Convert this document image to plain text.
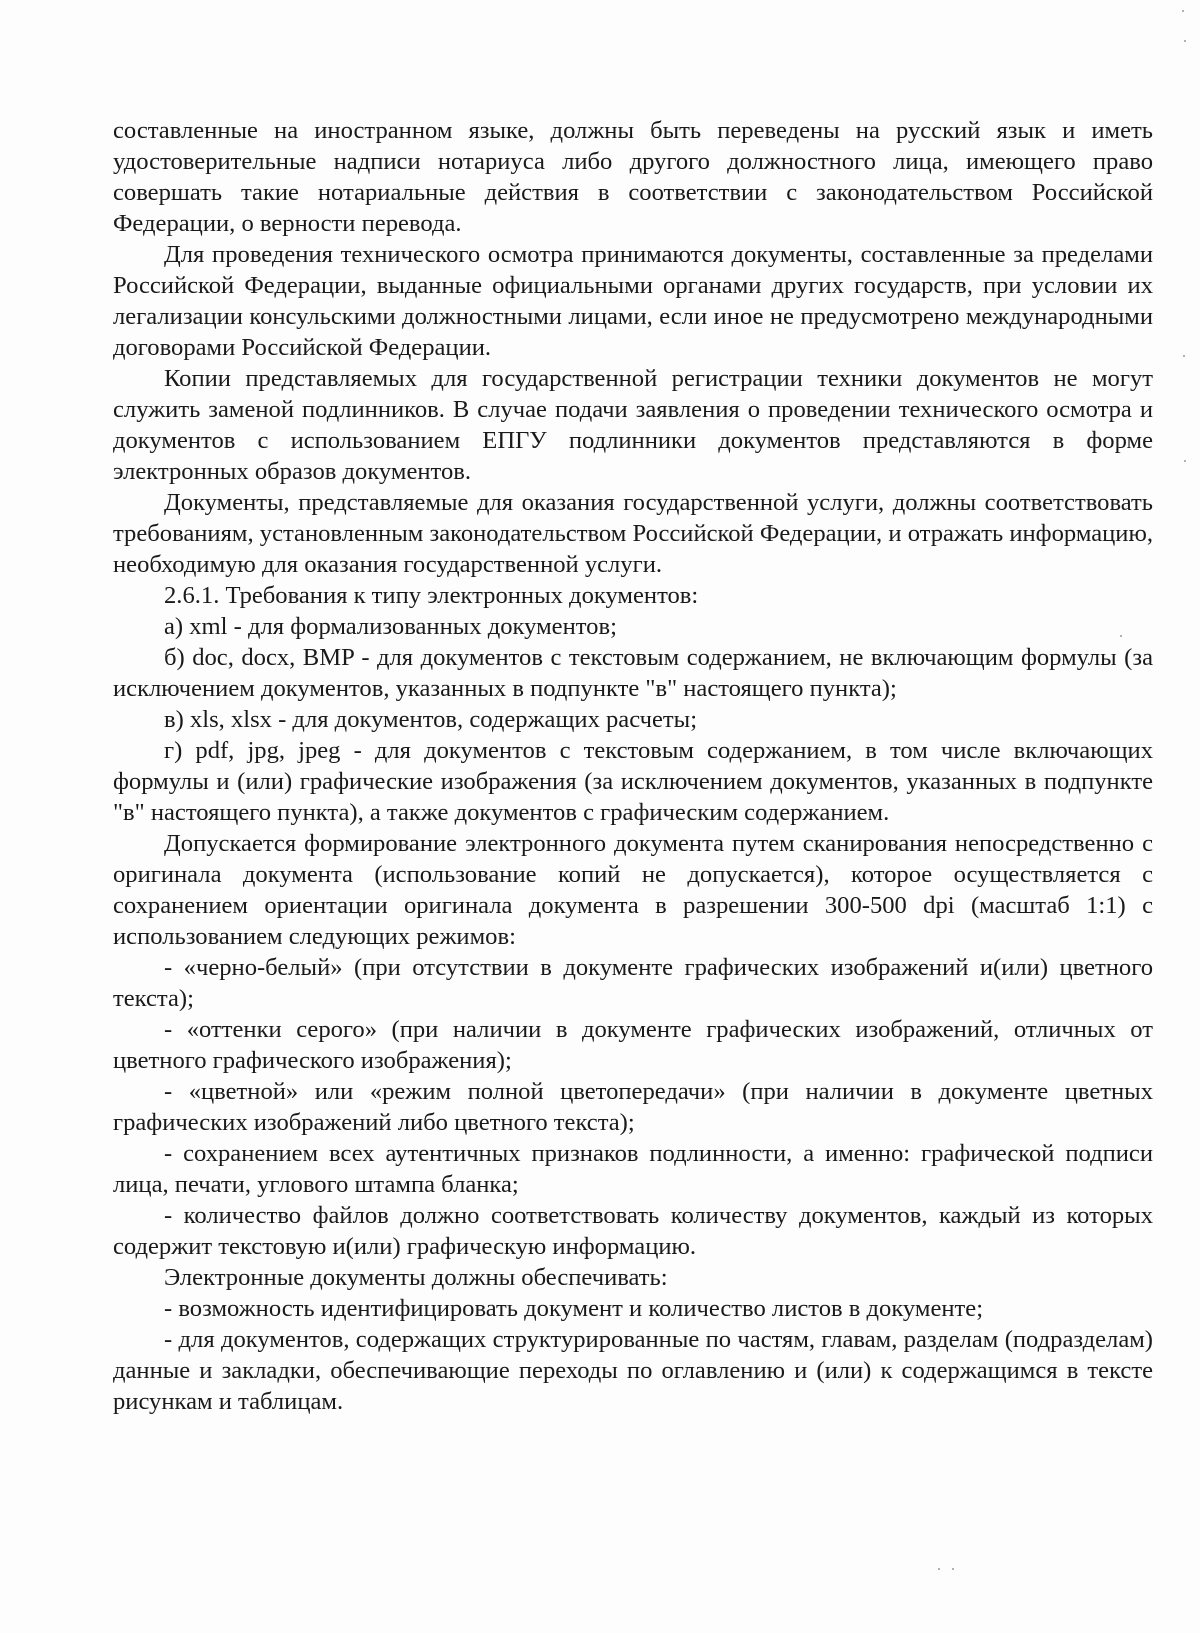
составленные на иностранном языке, должны быть переведены на русский язык и иметь удостоверительные надписи нотариуса либо другого должностного лица, имеющего право совершать такие нотариальные действия в соответствии с законодательством Российской Федерации, о верности перевода.

Для проведения технического осмотра принимаются документы, составленные за пределами Российской Федерации, выданные официальными органами других государств, при условии их легализации консульскими должностными лицами, если иное не предусмотрено международными договорами Российской Федерации.

Копии представляемых для государственной регистрации техники документов не могут служить заменой подлинников. В случае подачи заявления о проведении технического осмотра и документов с использованием ЕПГУ подлинники документов представляются в форме электронных образов документов.

Документы, представляемые для оказания государственной услуги, должны соответствовать требованиям, установленным законодательством Российской Федерации, и отражать информацию, необходимую для оказания государственной услуги.

2.6.1. Требования к типу электронных документов:

а) xml - для формализованных документов;

б) doc, docx, BMP - для документов с текстовым содержанием, не включающим формулы (за исключением документов, указанных в подпункте "в" настоящего пункта);

в) xls, xlsx - для документов, содержащих расчеты;

г) pdf, jpg, jpeg - для документов с текстовым содержанием, в том числе включающих формулы и (или) графические изображения (за исключением документов, указанных в подпункте "в" настоящего пункта), а также документов с графическим содержанием.

Допускается формирование электронного документа путем сканирования непосредственно с оригинала документа (использование копий не допускается), которое осуществляется с сохранением ориентации оригинала документа в разрешении 300-500 dpi (масштаб 1:1) с использованием следующих режимов:

- «черно-белый» (при отсутствии в документе графических изображений и(или) цветного текста);

- «оттенки серого» (при наличии в документе графических изображений, отличных от цветного графического изображения);

- «цветной» или «режим полной цветопередачи» (при наличии в документе цветных графических изображений либо цветного текста);

- сохранением всех аутентичных признаков подлинности, а именно: графической подписи лица, печати, углового штампа бланка;

- количество файлов должно соответствовать количеству документов, каждый из которых содержит текстовую и(или) графическую информацию.

Электронные документы должны обеспечивать:

- возможность идентифицировать документ и количество листов в документе;

- для документов, содержащих структурированные по частям, главам, разделам (подразделам) данные и закладки, обеспечивающие переходы по оглавлению и (или) к содержащимся в тексте рисункам и таблицам.
